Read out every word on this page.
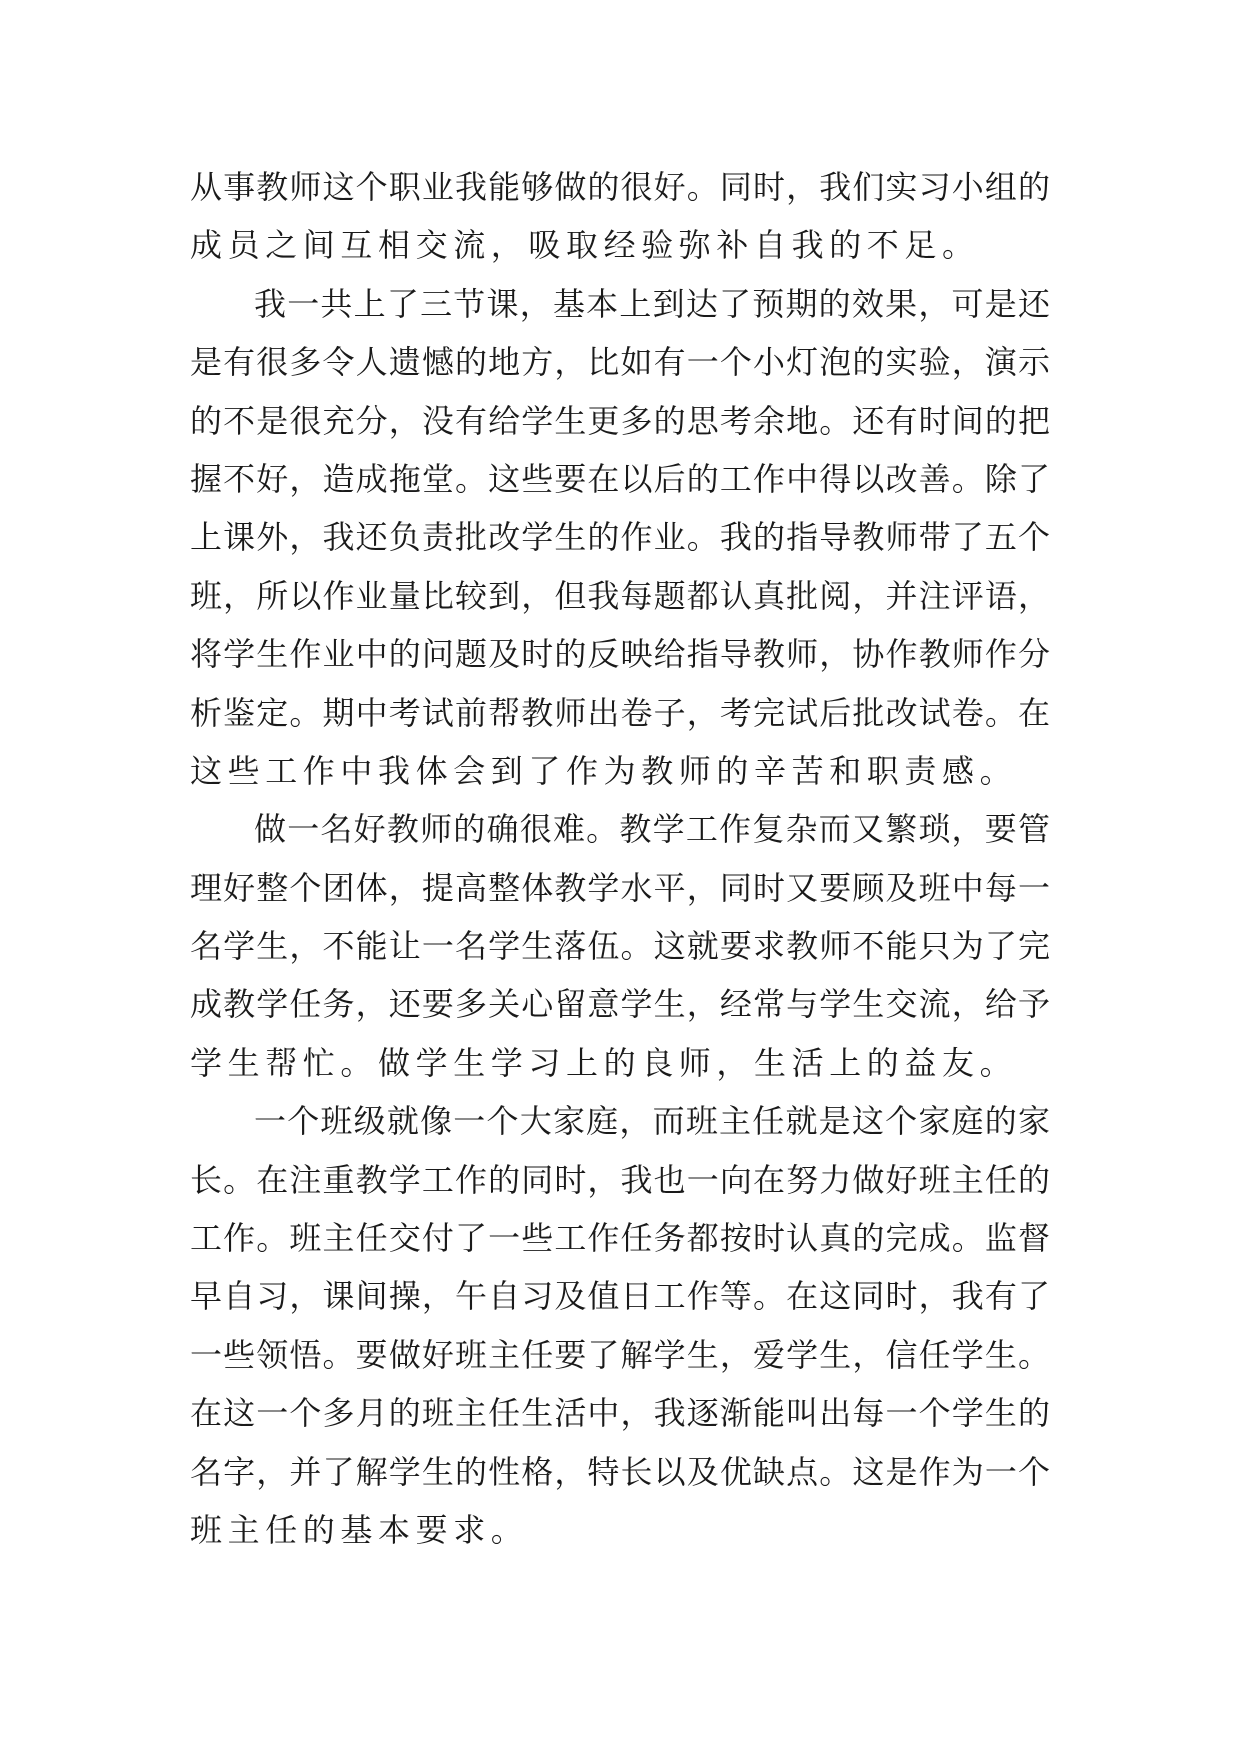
从事教师这个职业我能够做的很好。同时，我们实习小组的
成员之间互相交流，吸取经验弥补自我的不足。
我一共上了三节课，基本上到达了预期的效果，可是还
是有很多令人遗憾的地方，比如有一个小灯泡的实验，演示
的不是很充分，没有给学生更多的思考余地。还有时间的把
握不好，造成拖堂。这些要在以后的工作中得以改善。除了
上课外，我还负责批改学生的作业。我的指导教师带了五个
班，所以作业量比较到，但我每题都认真批阅，并注评语，
将学生作业中的问题及时的反映给指导教师，协作教师作分
析鉴定。期中考试前帮教师出卷子，考完试后批改试卷。在
这些工作中我体会到了作为教师的辛苦和职责感。
做一名好教师的确很难。教学工作复杂而又繁琐，要管
理好整个团体，提高整体教学水平，同时又要顾及班中每一
名学生，不能让一名学生落伍。这就要求教师不能只为了完
成教学任务，还要多关心留意学生，经常与学生交流，给予
学生帮忙。做学生学习上的良师，生活上的益友。
一个班级就像一个大家庭，而班主任就是这个家庭的家
长。在注重教学工作的同时，我也一向在努力做好班主任的
工作。班主任交付了一些工作任务都按时认真的完成。监督
早自习，课间操，午自习及值日工作等。在这同时，我有了
一些领悟。要做好班主任要了解学生，爱学生，信任学生。
在这一个多月的班主任生活中，我逐渐能叫出每一个学生的
名字，并了解学生的性格，特长以及优缺点。这是作为一个
班主任的基本要求。
